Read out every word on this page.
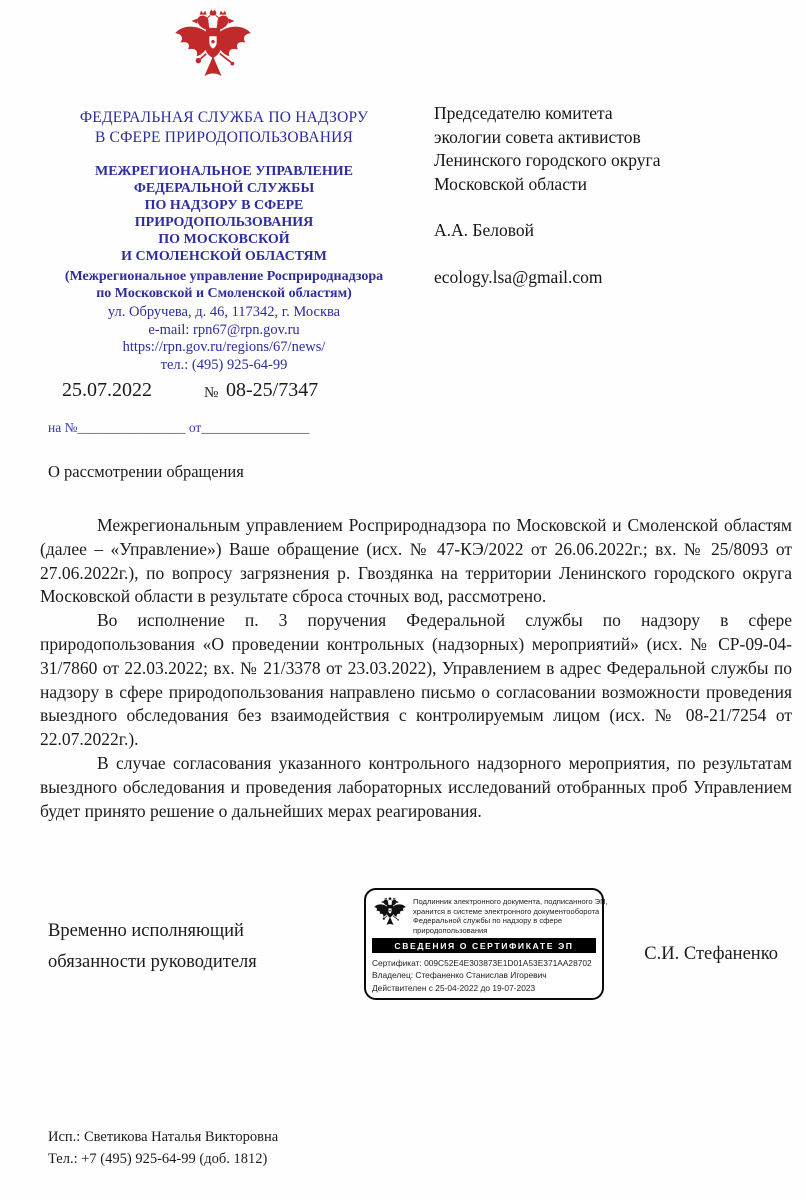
ФЕДЕРАЛЬНАЯ СЛУЖБА ПО НАДЗОРУ
В СФЕРЕ ПРИРОДОПОЛЬЗОВАНИЯ
МЕЖРЕГИОНАЛЬНОЕ УПРАВЛЕНИЕ
ФЕДЕРАЛЬНОЙ СЛУЖБЫ
ПО НАДЗОРУ В СФЕРЕ
ПРИРОДОПОЛЬЗОВАНИЯ
ПО МОСКОВСКОЙ
И СМОЛЕНСКОЙ ОБЛАСТЯМ
(Межрегиональное управление Росприроднадзора
по Московской и Смоленской областям)
ул. Обручева, д. 46, 117342, г. Москва
e-mail: rpn67@rpn.gov.ru
https://rpn.gov.ru/regions/67/news/
тел.: (495) 925-64-99
Председателю комитета
экологии совета активистов
Ленинского городского округа
Московской области
А.А. Беловой
ecology.lsa@gmail.com
25.07.2022	№ 08-25/7347
на №________________ от________________
О рассмотрении обращения

Межрегиональным управлением Росприроднадзора по Московской и Смоленской областям (далее – «Управление») Ваше обращение (исх. № 47-КЭ/2022 от 26.06.2022г.; вх. № 25/8093 от 27.06.2022г.), по вопросу загрязнения р. Гвоздянка на территории Ленинского городского округа Московской области в результате сброса сточных вод, рассмотрено.

Во исполнение п. 3 поручения Федеральной службы по надзору в сфере природопользования «О проведении контрольных (надзорных) мероприятий» (исх. № СР-09-04-31/7860 от 22.03.2022; вх. № 21/3378 от 23.03.2022), Управлением в адрес Федеральной службы по надзору в сфере природопользования направлено письмо о согласовании возможности проведения выездного обследования без взаимодействия с контролируемым лицом (исх. № 08-21/7254 от 22.07.2022г.).

В случае согласования указанного контрольного надзорного мероприятия, по результатам выездного обследования и проведения лабораторных исследований отобранных проб Управлением будет принято решение о дальнейших мерах реагирования.

Временно исполняющий
обязанности руководителя	С.И. Стефаненко
Подлинник электронного документа, подписанного ЭП,
хранится в системе электронного документооборота
Федеральной службы по надзору в сфере
природопользования
СВЕДЕНИЯ О СЕРТИФИКАТЕ ЭП
Сертификат: 009C52E4E303873E1D01A53E371AA28702
Владелец: Стефаненко Станислав Игоревич
Действителен с 25-04-2022 до 19-07-2023
Исп.: Светикова Наталья Викторовна
Тел.: +7 (495) 925-64-99 (доб. 1812)
